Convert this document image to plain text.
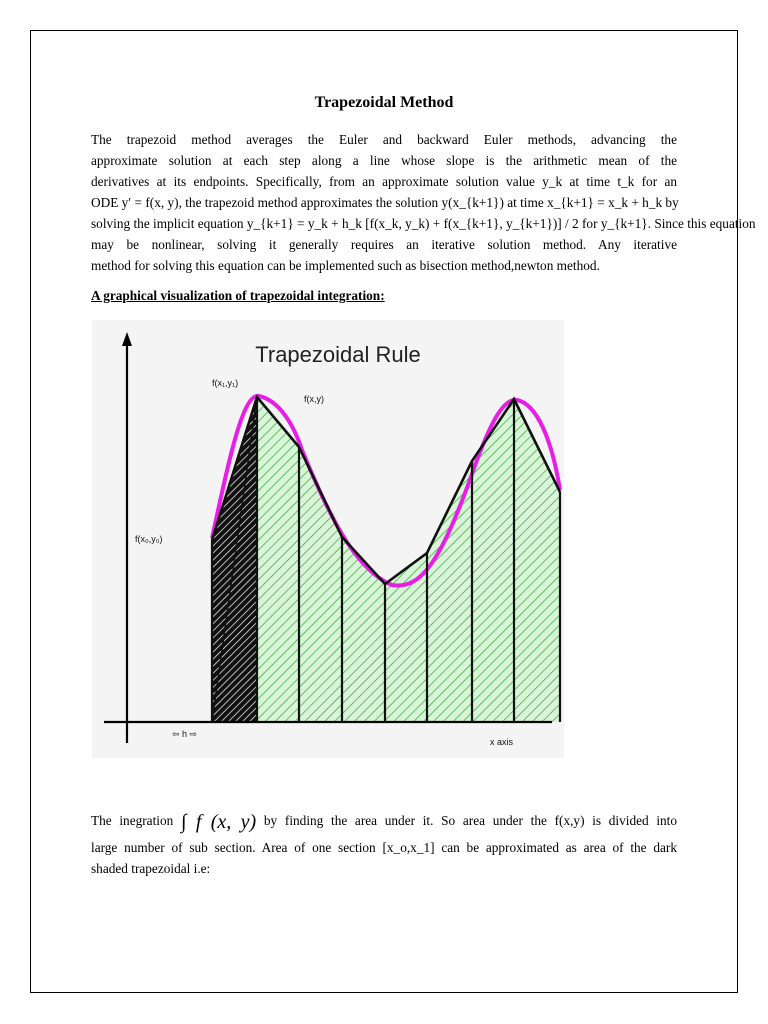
Trapezoidal Method
The trapezoid method averages the Euler and backward Euler methods, advancing the
approximate solution at each step along a line whose slope is the arithmetic mean of the
derivatives at its endpoints. Specifically, from an approximate solution value y_k at time t_k for an
ODE y′ = f(x, y), the trapezoid method approximates the solution y(x_{k+1}) at time x_{k+1} = x_k + h_k by
solving the implicit equation y_{k+1} = y_k + h_k [f(x_k, y_k) + f(x_{k+1}, y_{k+1})] / 2 for y_{k+1}. Since this equation
may be nonlinear, solving it generally requires an iterative solution method. Any iterative
method for solving this equation can be implemented such as bisection method,newton method.
A graphical visualization of trapezoidal integration:
Trapezoidal Rule
f(x₁,y₁)
f(x,y)
f(x₀,y₀)
⇦ h ⇨
x axis
The inegration ∫ f (x, y) by finding the area under it. So area under the f(x,y) is divided into
large number of sub section. Area of one section [x_o,x_1] can be approximated as area of the dark
shaded trapezoidal i.e:
